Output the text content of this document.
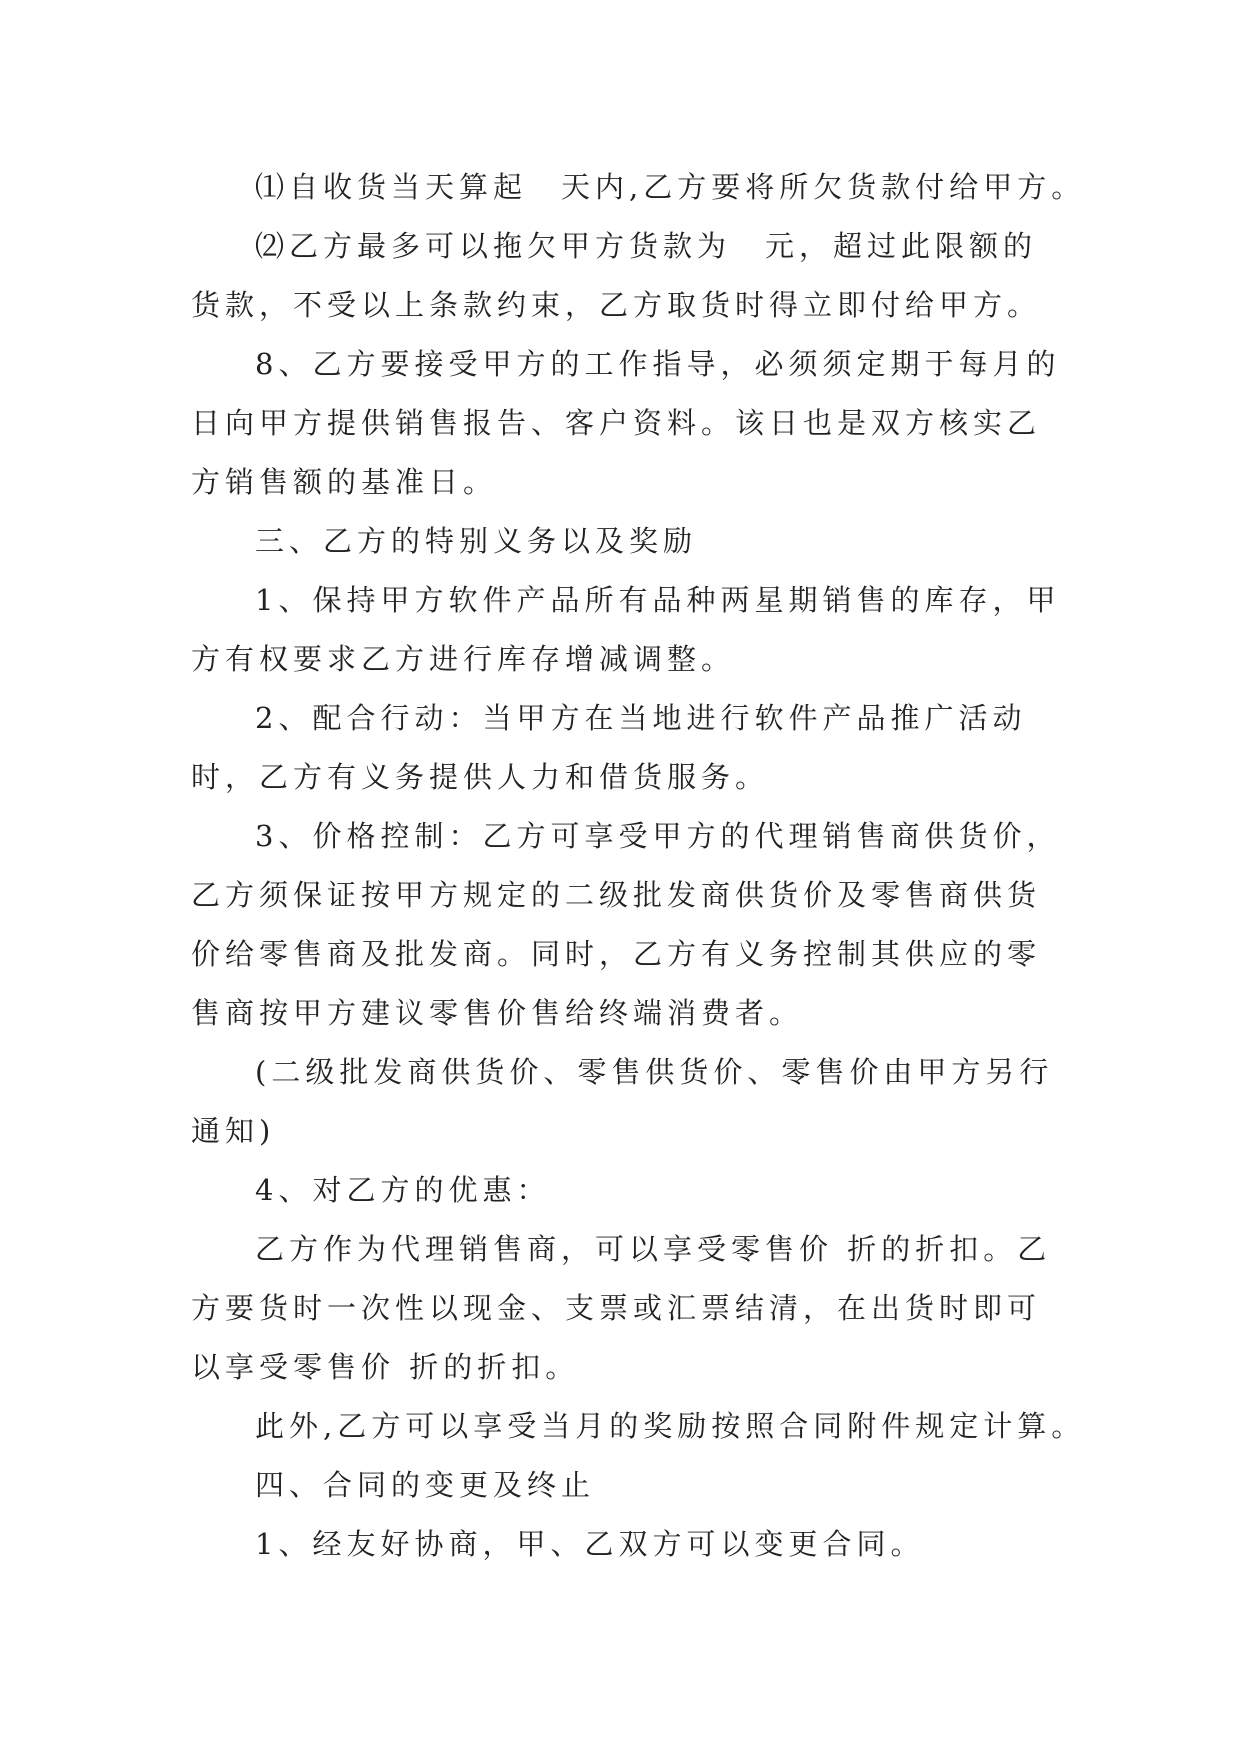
⑴自收货当天算起　天内,乙方要将所欠货款付给甲方。

⑵乙方最多可以拖欠甲方货款为　元，超过此限额的货款，不受以上条款约束，乙方取货时得立即付给甲方。

8、乙方要接受甲方的工作指导，必须须定期于每月的日向甲方提供销售报告、客户资料。该日也是双方核实乙方销售额的基准日。

三、乙方的特别义务以及奖励

1、保持甲方软件产品所有品种两星期销售的库存，甲方有权要求乙方进行库存增减调整。

2、配合行动：当甲方在当地进行软件产品推广活动时，乙方有义务提供人力和借货服务。

3、价格控制：乙方可享受甲方的代理销售商供货价，乙方须保证按甲方规定的二级批发商供货价及零售商供货价给零售商及批发商。同时，乙方有义务控制其供应的零售商按甲方建议零售价售给终端消费者。

(二级批发商供货价、零售供货价、零售价由甲方另行通知)

4、对乙方的优惠：

乙方作为代理销售商，可以享受零售价 折的折扣。乙方要货时一次性以现金、支票或汇票结清，在出货时即可以享受零售价 折的折扣。

此外,乙方可以享受当月的奖励按照合同附件规定计算。

四、合同的变更及终止

1、经友好协商，甲、乙双方可以变更合同。
